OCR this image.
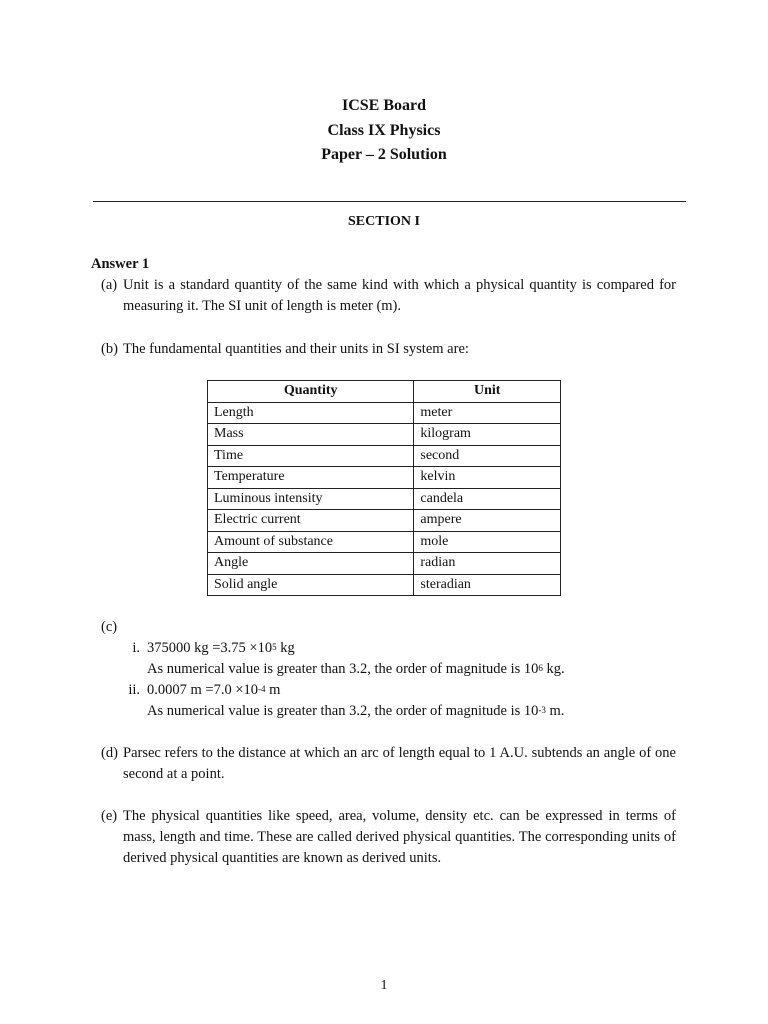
ICSE Board
Class IX Physics
Paper – 2 Solution
SECTION I
Answer 1
(a) Unit is a standard quantity of the same kind with which a physical quantity is compared for measuring it. The SI unit of length is meter (m).
(b) The fundamental quantities and their units in SI system are:
Quantity	Unit
Length	meter
Mass	kilogram
Time	second
Temperature	kelvin
Luminous intensity	candela
Electric current	ampere
Amount of substance	mole
Angle	radian
Solid angle	steradian
(c)
i. 375000 kg $=3.75 \times 10^5$ kg
As numerical value is greater than 3.2, the order of magnitude is $10^6$ kg.
ii. 0.0007 $m =7.0 \times 10^{-4}$ m
As numerical value is greater than 3.2, the order of magnitude is $10^{-3}$ m.
(d) Parsec refers to the distance at which an arc of length equal to 1 A.U. subtends an angle of one second at a point.
(e) The physical quantities like speed, area, volume, density etc. can be expressed in terms of mass, length and time. These are called derived physical quantities. The corresponding units of derived physical quantities are known as derived units.
1
